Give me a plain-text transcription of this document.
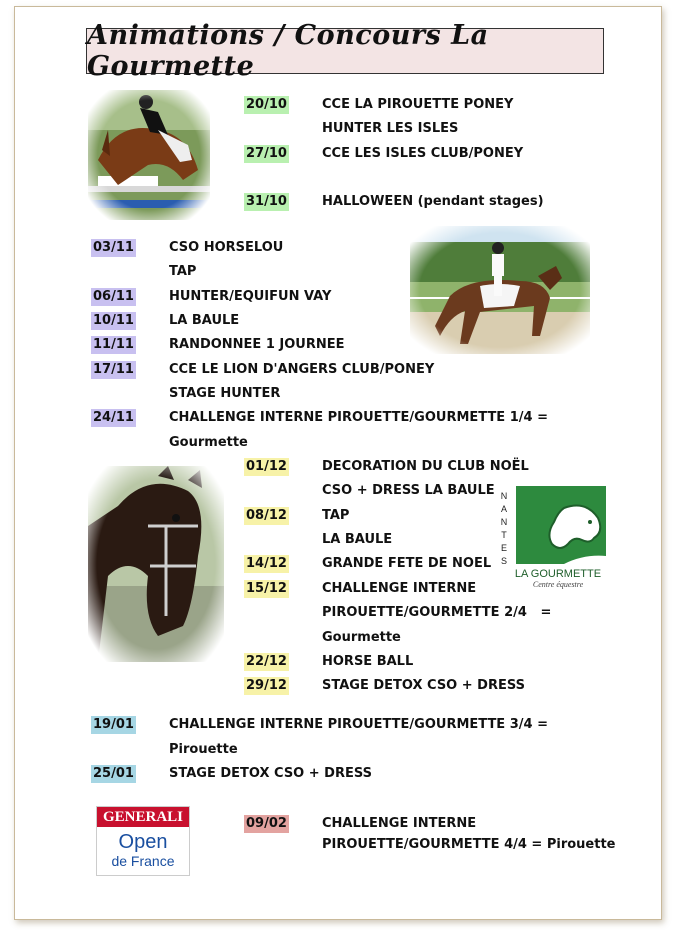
Animations / Concours La Gourmette
N
A
N
T
E
S
LA GOURMETTE
Centre équestre
GENERALI
Open
de France
20/10	CCE LA PIROUETTE PONEY
HUNTER LES ISLES
27/10	CCE LES ISLES CLUB/PONEY
31/10	HALLOWEEN (pendant stages)
03/11	CSO HORSELOU
TAP
06/11	HUNTER/EQUIFUN VAY
10/11	LA BAULE
11/11	RANDONNEE 1 JOURNEE
17/11	CCE LE LION D'ANGERS CLUB/PONEY
STAGE HUNTER
24/11	CHALLENGE INTERNE PIROUETTE/GOURMETTE 1/4 =
Gourmette
01/12	DECORATION DU CLUB NOËL
CSO + DRESS LA BAULE
08/12	TAP
LA BAULE
14/12	GRANDE FETE DE NOEL
15/12	CHALLENGE INTERNE
PIROUETTE/GOURMETTE 2/4   =
Gourmette
22/12	HORSE BALL
29/12	STAGE DETOX CSO + DRESS
19/01	CHALLENGE INTERNE PIROUETTE/GOURMETTE 3/4 =
Pirouette
25/01	STAGE DETOX CSO + DRESS
09/02	CHALLENGE INTERNE
PIROUETTE/GOURMETTE 4/4 = Pirouette
